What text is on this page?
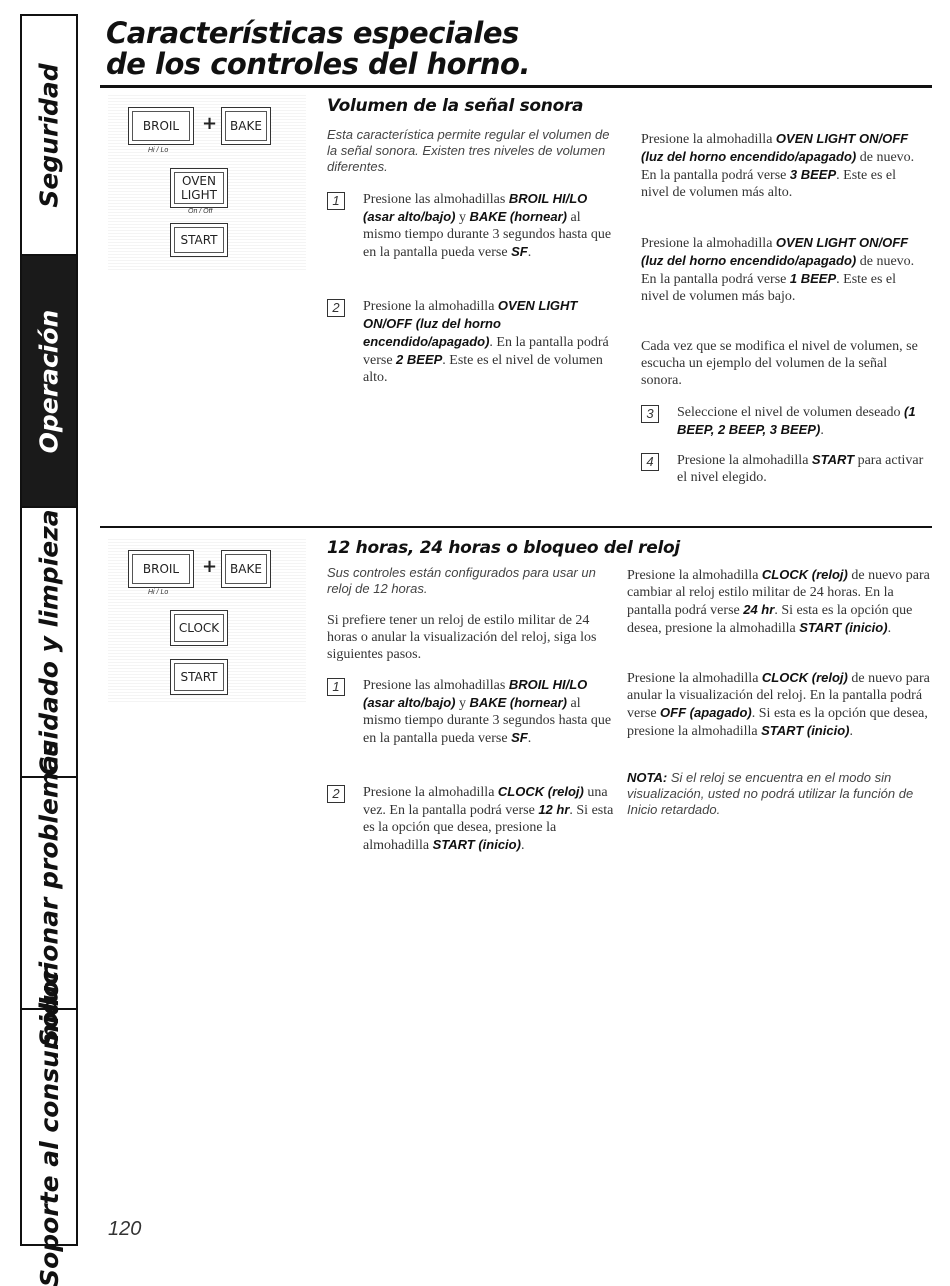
Seguridad
Operación
Cuidado y limpieza
Solucionar problemas
Soporte al consumidor
Características especiales
de los controles del horno.
BROIL
Hi / Lo
+ BAKE
OVEN
LIGHT
On / Off
START
Volumen de la señal sonora
Esta característica permite regular el volumen de la señal sonora. Existen tres niveles de volumen diferentes.
1	Presione las almohadillas BROIL HI/LO (asar alto/bajo) y BAKE (hornear) al mismo tiempo durante 3 segundos hasta que en la pantalla pueda verse SF.

2	Presione la almohadilla OVEN LIGHT ON/OFF (luz del horno encendido/apagado). En la pantalla podrá verse 2 BEEP. Este es el nivel de volumen alto.

Presione la almohadilla OVEN LIGHT ON/OFF (luz del horno encendido/apagado) de nuevo. En la pantalla podrá verse 3 BEEP. Este es el nivel de volumen más alto.

Presione la almohadilla OVEN LIGHT ON/OFF (luz del horno encendido/apagado) de nuevo. En la pantalla podrá verse 1 BEEP. Este es el nivel de volumen más bajo.

Cada vez que se modifica el nivel de volumen, se escucha un ejemplo del volumen de la señal sonora.

3	Seleccione el nivel de volumen deseado (1 BEEP, 2 BEEP, 3 BEEP).

4	Presione la almohadilla START para activar el nivel elegido.

BROIL
Hi / Lo
+ BAKE
CLOCK
START
12 horas, 24 horas o bloqueo del reloj
Sus controles están configurados para usar un reloj de 12 horas.

Si prefiere tener un reloj de estilo militar de 24 horas o anular la visualización del reloj, siga los siguientes pasos.

1	Presione las almohadillas BROIL HI/LO (asar alto/bajo) y BAKE (hornear) al mismo tiempo durante 3 segundos hasta que en la pantalla pueda verse SF.

2	Presione la almohadilla CLOCK (reloj) una vez. En la pantalla podrá verse 12 hr. Si esta es la opción que desea, presione la almohadilla START (inicio).

Presione la almohadilla CLOCK (reloj) de nuevo para cambiar al reloj estilo militar de 24 horas. En la pantalla podrá verse 24 hr. Si esta es la opción que desea, presione la almohadilla START (inicio).

Presione la almohadilla CLOCK (reloj) de nuevo para anular la visualización del reloj. En la pantalla podrá verse OFF (apagado). Si esta es la opción que desea, presione la almohadilla START (inicio).

NOTA: Si el reloj se encuentra en el modo sin visualización, usted no podrá utilizar la función de Inicio retardado.

120
